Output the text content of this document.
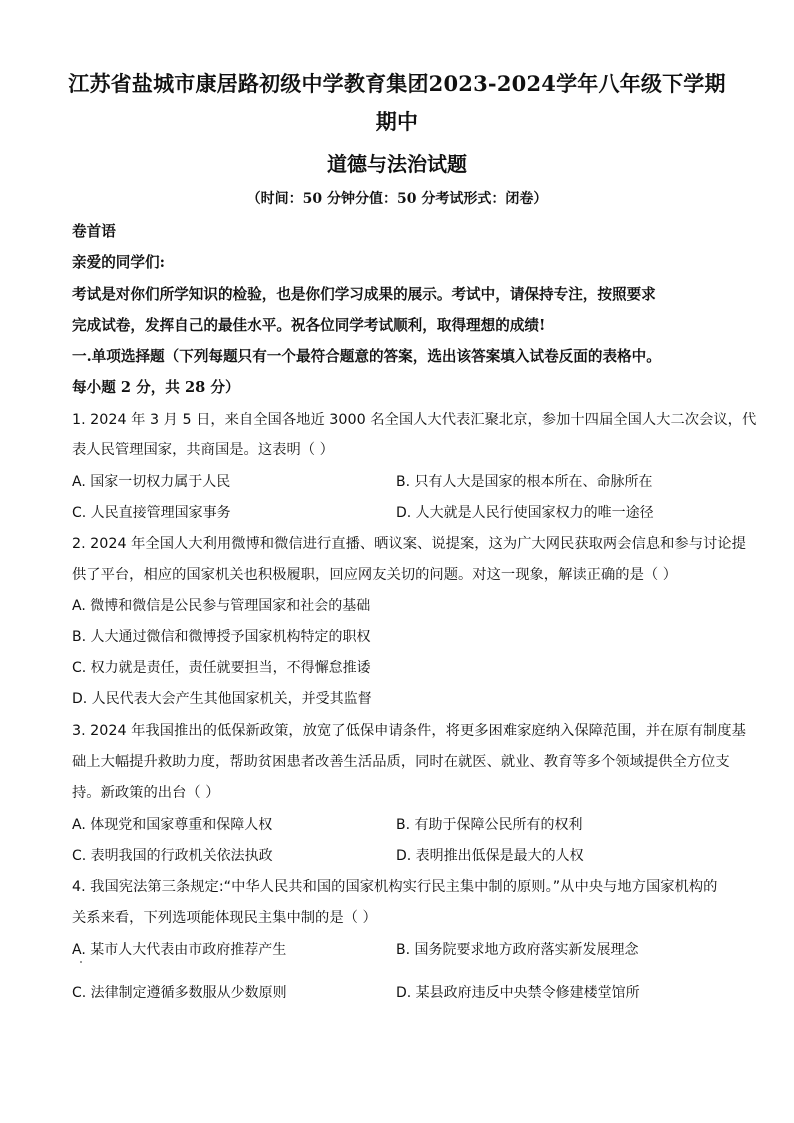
江苏省盐城市康居路初级中学教育集团2023-2024学年八年级下学期
期中
道德与法治试题
（时间：50 分钟分值：50 分考试形式：闭卷）
卷首语
亲爱的同学们:
考试是对你们所学知识的检验，也是你们学习成果的展示。考试中，请保持专注，按照要求
完成试卷，发挥自己的最佳水平。祝各位同学考试顺利，取得理想的成绩!
一.单项选择题（下列每题只有一个最符合题意的答案，选出该答案填入试卷反面的表格中。
每小题 2 分，共 28 分）
1. 2024 年 3 月 5 日，来自全国各地近 3000 名全国人大代表汇聚北京，参加十四届全国人大二次会议，代
表人民管理国家，共商国是。这表明（ ）
A. 国家一切权力属于人民	B. 只有人大是国家的根本所在、命脉所在
C. 人民直接管理国家事务	D. 人大就是人民行使国家权力的唯一途径
2. 2024 年全国人大利用微博和微信进行直播、晒议案、说提案，这为广大网民获取两会信息和参与讨论提
供了平台，相应的国家机关也积极履职，回应网友关切的问题。对这一现象，解读正确的是（ ）
A. 微博和微信是公民参与管理国家和社会的基础
B. 人大通过微信和微博授予国家机构特定的职权
C. 权力就是责任，责任就要担当，不得懈怠推诿
D. 人民代表大会产生其他国家机关，并受其监督
3. 2024 年我国推出的低保新政策，放宽了低保申请条件，将更多困难家庭纳入保障范围，并在原有制度基
础上大幅提升救助力度，帮助贫困患者改善生活品质，同时在就医、就业、教育等多个领域提供全方位支
持。新政策的出台（ ）
A. 体现党和国家尊重和保障人权	B. 有助于保障公民所有的权利
C. 表明我国的行政机关依法执政	D. 表明推出低保是最大的人权
4. 我国宪法第三条规定:“中华人民共和国的国家机构实行民主集中制的原则。”从中央与地方国家机构的
关系来看，下列选项能体现民主集中制的是（ ）
A. 某市人大代表由市政府推荐产生	B. 国务院要求地方政府落实新发展理念
C. 法律制定遵循多数服从少数原则	D. 某县政府违反中央禁令修建楼堂馆所
